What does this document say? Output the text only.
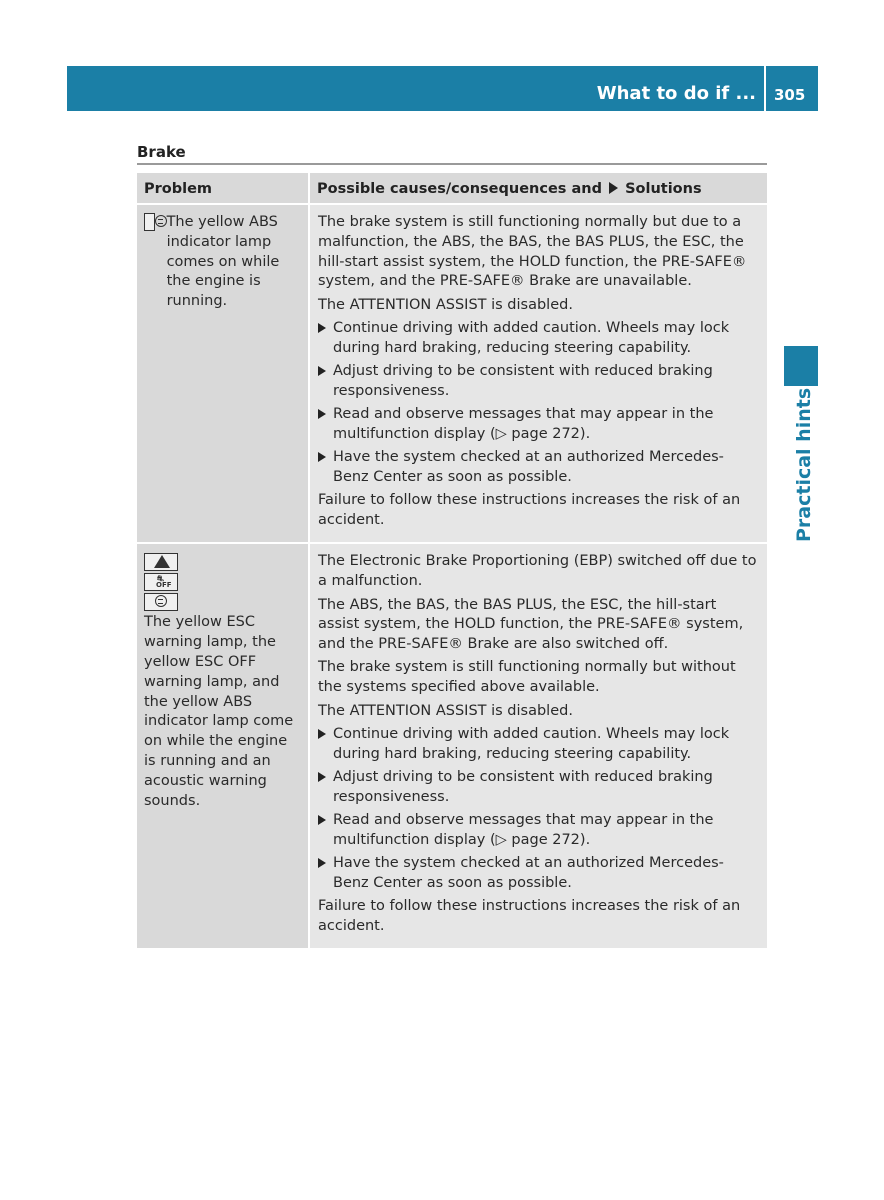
What to do if ... 305
Practical hints
Brake
Problem	Possible causes/consequences and Solutions
The yellow ABS indicator lamp comes on while the engine is running.

The brake system is still functioning normally but due to a malfunction, the ABS, the BAS, the BAS PLUS, the ESC, the hill-start assist system, the HOLD function, the PRE-SAFE® system, and the PRE-SAFE® Brake are unavailable.

The ATTENTION ASSIST is disabled.

Continue driving with added caution. Wheels may lock during hard braking, reducing steering capability.
Adjust driving to be consistent with reduced braking responsiveness.
Read and observe messages that may appear in the multifunction display (▷ page 272).
Have the system checked at an authorized Mercedes-Benz Center as soon as possible.

Failure to follow these instructions increases the risk of an accident.

⛐
OFF
The yellow ESC warning lamp, the yellow ESC OFF warning lamp, and the yellow ABS indicator lamp come on while the engine is running and an acoustic warning sounds.

The Electronic Brake Proportioning (EBP) switched off due to a malfunction.

The ABS, the BAS, the BAS PLUS, the ESC, the hill-start assist system, the HOLD function, the PRE-SAFE® system, and the PRE-SAFE® Brake are also switched off.

The brake system is still functioning normally but without the systems specified above available.

The ATTENTION ASSIST is disabled.

Continue driving with added caution. Wheels may lock during hard braking, reducing steering capability.
Adjust driving to be consistent with reduced braking responsiveness.
Read and observe messages that may appear in the multifunction display (▷ page 272).
Have the system checked at an authorized Mercedes-Benz Center as soon as possible.

Failure to follow these instructions increases the risk of an accident.
